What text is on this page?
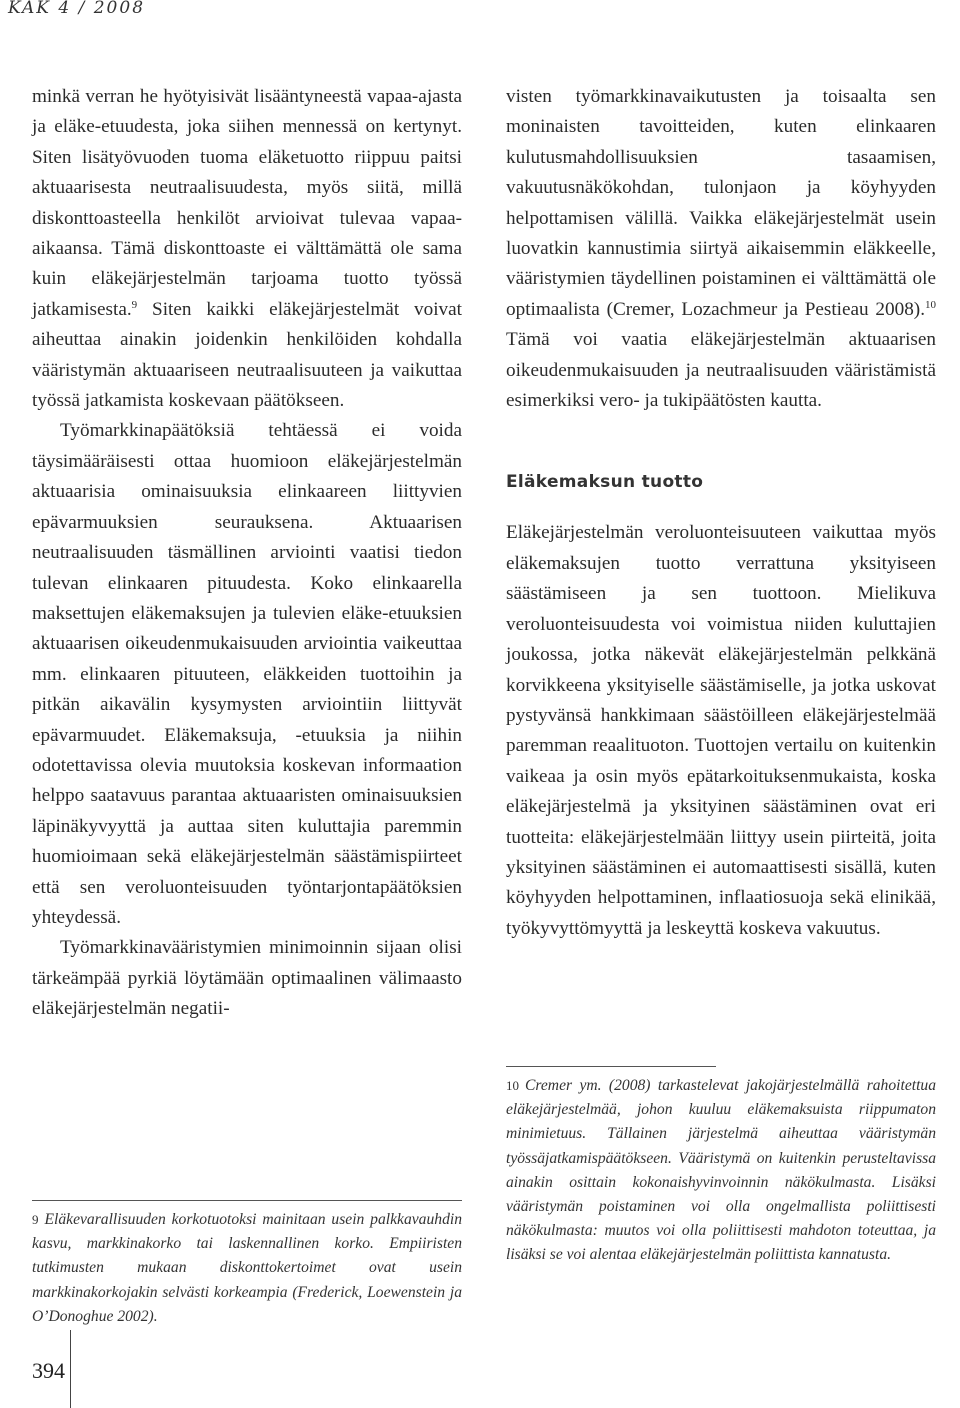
KAK 4 / 2008

minkä verran he hyötyisivät lisääntyneestä vapaa-ajasta ja eläke-etuudesta, joka siihen mennessä on kertynyt. Siten lisätyövuoden tuoma eläketuotto riippuu paitsi aktuaarisesta neutraalisuudesta, myös siitä, millä diskonttoasteella henkilöt arvioivat tulevaa vapaa-aikaansa. Tämä diskonttoaste ei välttämättä ole sama kuin eläkejärjestelmän tarjoama tuotto työssä jatkamisesta.$^9$ Siten kaikki eläkejärjestelmät voivat aiheuttaa ainakin joidenkin henkilöiden kohdalla vääristymän aktuaariseen neutraalisuuteen ja vaikuttaa työssä jatkamista koskevaan päätökseen.

Työmarkkinapäätöksiä tehtäessä ei voida täysimääräisesti ottaa huomioon eläkejärjestelmän aktuaarisia ominaisuuksia elinkaareen liittyvien epävarmuuksien seurauksena. Aktuaarisen neutraalisuuden täsmällinen arviointi vaatisi tiedon tulevan elinkaaren pituudesta. Koko elinkaarella maksettujen eläkemaksujen ja tulevien eläke-etuuksien aktuaarisen oikeudenmukaisuuden arviointia vaikeuttaa mm. elinkaaren pituuteen, eläkkeiden tuottoihin ja pitkän aikavälin kysymysten arviointiin liittyvät epävarmuudet. Eläkemaksuja, -etuuksia ja niihin odotettavissa olevia muutoksia koskevan informaation helppo saatavuus parantaa aktuaaristen ominaisuuksien läpinäkyvyyttä ja auttaa siten kuluttajia paremmin huomioimaan sekä eläkejärjestelmän säästämispiirteet että sen veroluonteisuuden työntarjontapäätöksien yhteydessä.

Työmarkkinavääristymien minimoinnin sijaan olisi tärkeämpää pyrkiä löytämään optimaalinen välimaasto eläkejärjestelmän negatii-

9 Eläkevarallisuuden korkotuotoksi mainitaan usein palkkavauhdin kasvu, markkinakorko tai laskennallinen korko. Empiiristen tutkimusten mukaan diskonttokertoimet ovat usein markkinakorkojakin selvästi korkeampia (Frederick, Loewenstein ja O’Donoghue 2002).

visten työmarkkinavaikutusten ja toisaalta sen moninaisten tavoitteiden, kuten elinkaaren kulutusmahdollisuuksien tasaamisen, vakuutusnäkökohdan, tulonjaon ja köyhyyden helpottamisen välillä. Vaikka eläkejärjestelmät usein luovatkin kannustimia siirtyä aikaisemmin eläkkeelle, vääristymien täydellinen poistaminen ei välttämättä ole optimaalista (Cremer, Lozachmeur ja Pestieau 2008).$^{10}$ Tämä voi vaatia eläkejärjestelmän aktuaarisen oikeudenmukaisuuden ja neutraalisuuden vääristämistä esimerkiksi vero- ja tukipäätösten kautta.

Eläkemaksun tuotto

Eläkejärjestelmän veroluonteisuuteen vaikuttaa myös eläkemaksujen tuotto verrattuna yksityiseen säästämiseen ja sen tuottoon. Mielikuva veroluonteisuudesta voi voimistua niiden kuluttajien joukossa, jotka näkevät eläkejärjestelmän pelkkänä korvikkeena yksityiselle säästämiselle, ja jotka uskovat pystyvänsä hankkimaan säästöilleen eläkejärjestelmää paremman reaalituoton. Tuottojen vertailu on kuitenkin vaikeaa ja osin myös epätarkoituksenmukaista, koska eläkejärjestelmä ja yksityinen säästäminen ovat eri tuotteita: eläkejärjestelmään liittyy usein piirteitä, joita yksityinen säästäminen ei automaattisesti sisällä, kuten köyhyyden helpottaminen, inflaatiosuoja sekä elinikää, työkyvyttömyyttä ja leskeyttä koskeva vakuutus.

10 Cremer ym. (2008) tarkastelevat jakojärjestelmällä rahoitettua eläkejärjestelmää, johon kuuluu eläkemaksuista riippumaton minimietuus. Tällainen järjestelmä aiheuttaa vääristymän työssäjatkamispäätökseen. Vääristymä on kuitenkin perusteltavissa ainakin osittain kokonaishyvinvoinnin näkökulmasta. Lisäksi vääristymän poistaminen voi olla ongelmallista poliittisesti näkökulmasta: muutos voi olla poliittisesti mahdoton toteuttaa, ja lisäksi se voi alentaa eläkejärjestelmän poliittista kannatusta.
394
